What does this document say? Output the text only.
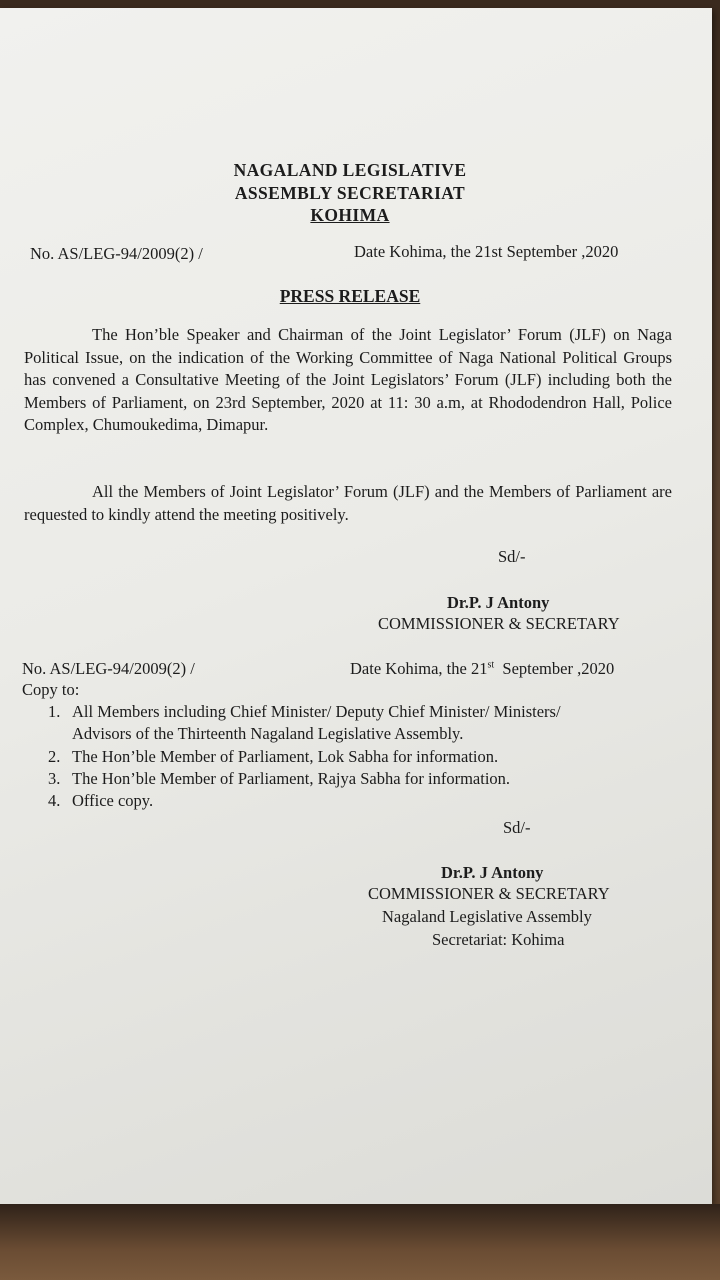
NAGALAND LEGISLATIVE
ASSEMBLY SECRETARIAT
KOHIMA
No. AS/LEG-94/2009(2) /	Date Kohima, the 21st September ,2020
PRESS RELEASE
The Hon’ble Speaker and Chairman of the Joint Legislator’ Forum (JLF) on Naga Political Issue, on the indication of the Working Committee of Naga National Political Groups has convened a Consultative Meeting of the Joint Legislators’ Forum (JLF) including both the Members of Parliament, on 23rd September, 2020 at 11: 30 a.m, at Rhododendron Hall, Police Complex, Chumoukedima, Dimapur.
All the Members of Joint Legislator’ Forum (JLF) and the Members of Parliament are requested to kindly attend the meeting positively.
Sd/-
Dr.P. J Antony
COMMISSIONER & SECRETARY
No. AS/LEG-94/2009(2) /	Date Kohima, the 21st September ,2020
Copy to:
1. All Members including Chief Minister/ Deputy Chief Minister/ Ministers/
Advisors of the Thirteenth Nagaland Legislative Assembly.
2. The Hon’ble Member of Parliament, Lok Sabha for information.
3. The Hon’ble Member of Parliament, Rajya Sabha for information.
4. Office copy.
Sd/-
Dr.P. J Antony
COMMISSIONER & SECRETARY
Nagaland Legislative Assembly
Secretariat: Kohima
